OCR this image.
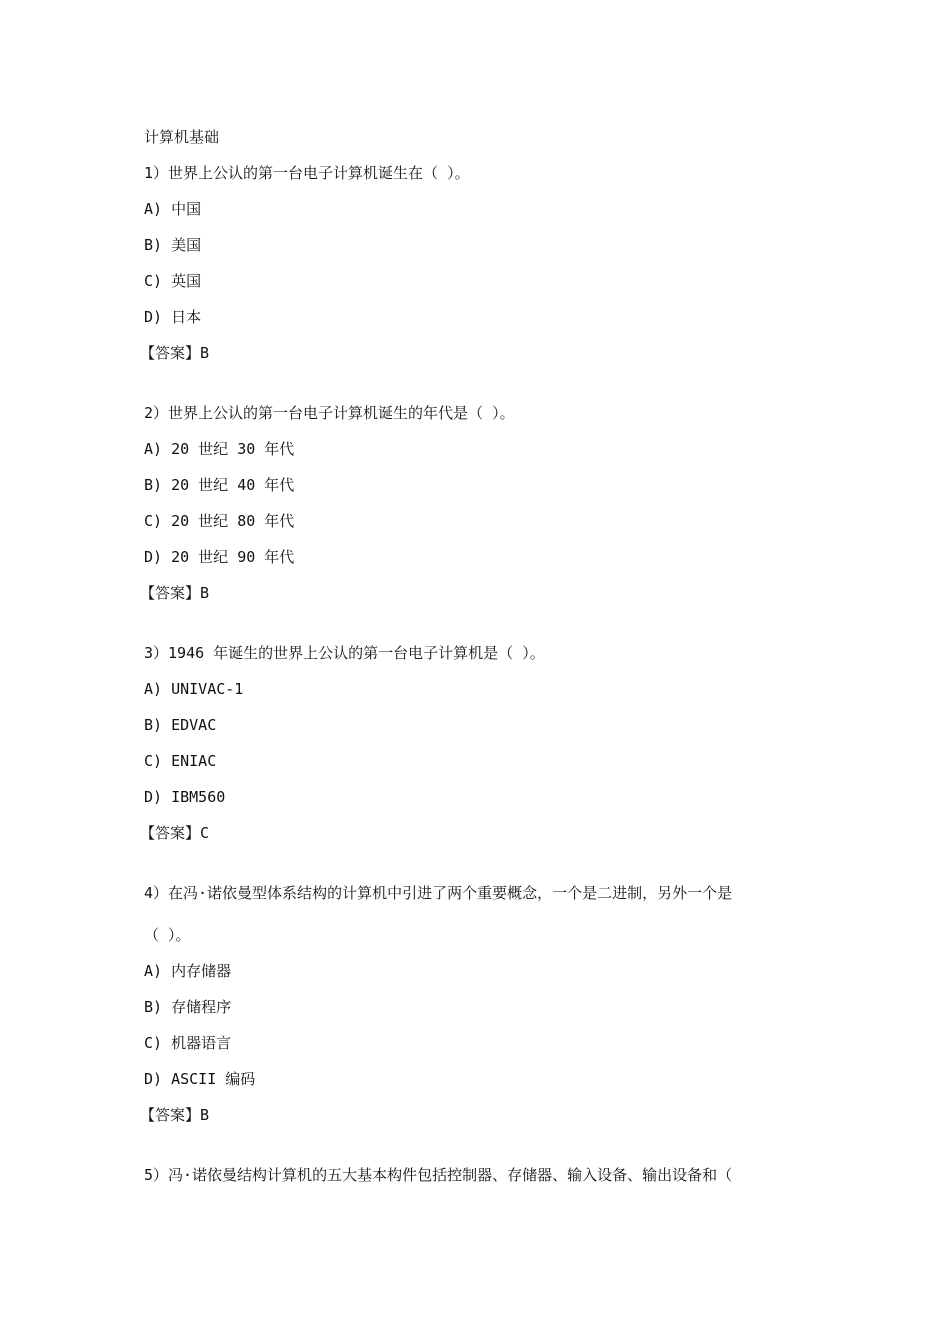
计算机基础
1）世界上公认的第一台电子计算机诞生在（ ）。
A) 中国
B) 美国
C) 英国
D) 日本
【答案】B
2）世界上公认的第一台电子计算机诞生的年代是（ ）。
A) 20 世纪 30 年代
B) 20 世纪 40 年代
C) 20 世纪 80 年代
D) 20 世纪 90 年代
【答案】B
3）1946 年诞生的世界上公认的第一台电子计算机是（ ）。
A) UNIVAC-1
B) EDVAC
C) ENIAC
D) IBM560
【答案】C
4）在冯·诺依曼型体系结构的计算机中引进了两个重要概念，一个是二进制，另外一个是
（ ）。
A) 内存储器
B) 存储程序
C) 机器语言
D) ASCII 编码
【答案】B
5）冯·诺依曼结构计算机的五大基本构件包括控制器、存储器、输入设备、输出设备和（
